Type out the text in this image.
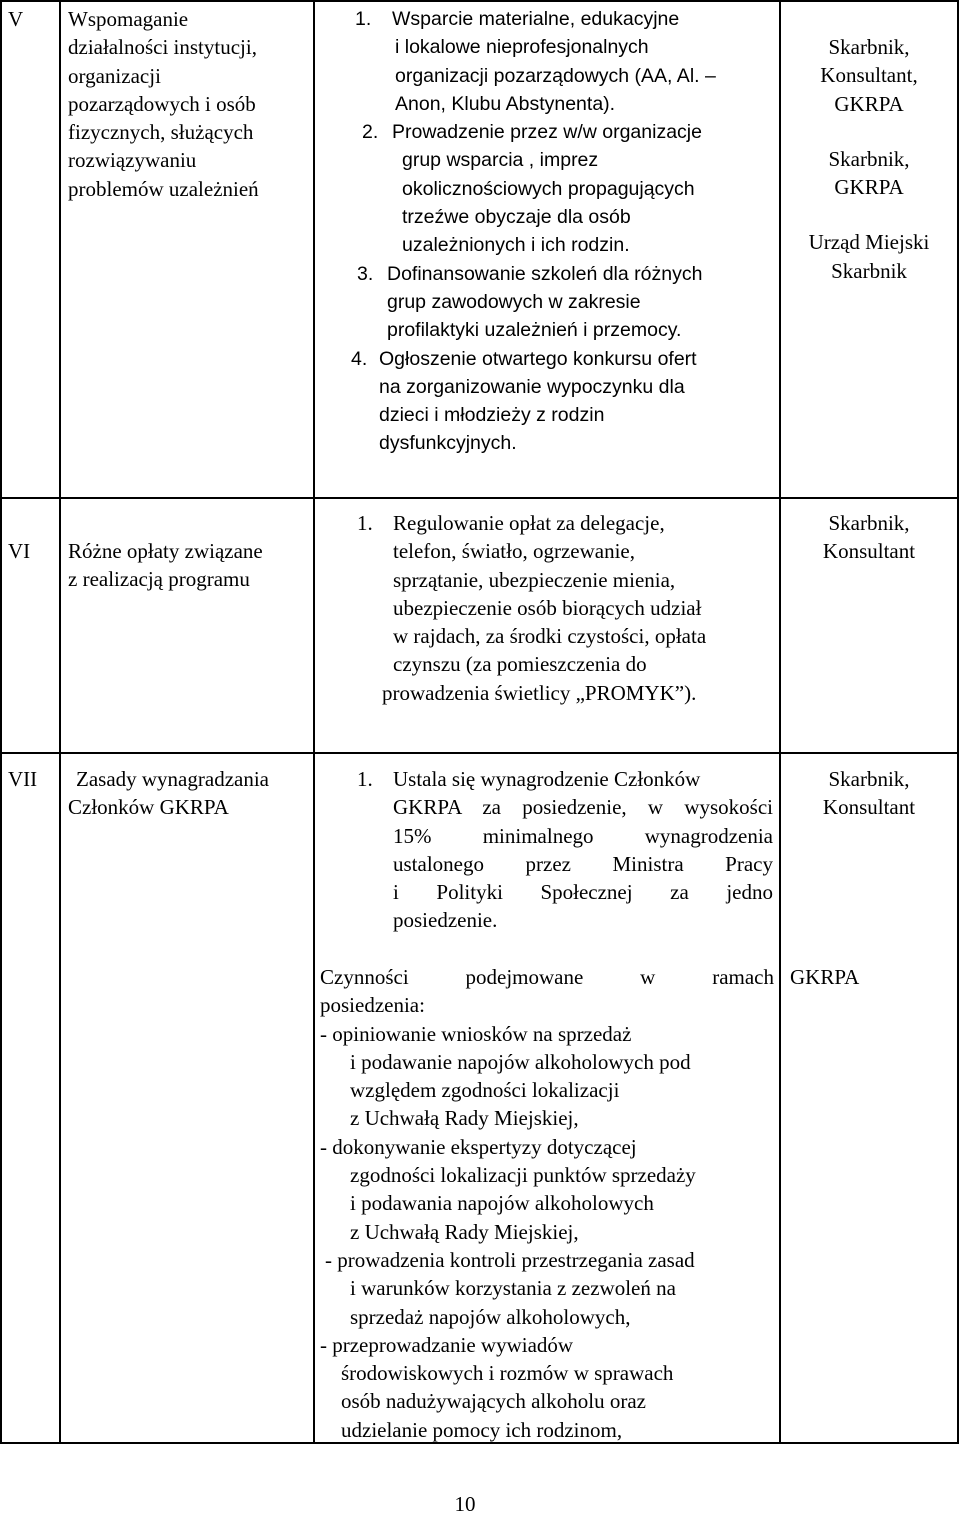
V Wspomaganie
działalności instytucji,
organizacji
pozarządowych i osób
fizycznych, służących
rozwiązywaniu
problemów uzależnień
1. Wsparcie materialne, edukacyjne
i lokalowe nieprofesjonalnych
organizacji pozarządowych (AA, Al. –
Anon, Klubu Abstynenta).
2. Prowadzenie przez w/w organizacje
grup wsparcia , imprez
okolicznościowych propagujących
trzeźwe obyczaje dla osób
uzależnionych i ich rodzin.
3. Dofinansowanie szkoleń dla różnych
grup zawodowych w zakresie
profilaktyki uzależnień i przemocy.
4. Ogłoszenie otwartego konkursu ofert
na zorganizowanie wypoczynku dla
dzieci i młodzieży z rodzin
dysfunkcyjnych.
Skarbnik,
Konsultant,
GKRPA
Skarbnik,
GKRPA
Urząd Miejski
Skarbnik
VI Różne opłaty związane
z realizacją programu
1. Regulowanie opłat za delegacje,
telefon, światło, ogrzewanie,
sprzątanie, ubezpieczenie mienia,
ubezpieczenie osób biorących udział
w rajdach, za środki czystości, opłata
czynszu (za pomieszczenia do
prowadzenia świetlicy „PROMYK”).
Skarbnik,
Konsultant
VII Zasady wynagradzania
Członków GKRPA
1. Ustala się wynagrodzenie Członków
GKRPA za posiedzenie, w wysokości
15% minimalnego wynagrodzenia
ustalonego przez Ministra Pracy
i Polityki Społecznej za jedno
posiedzenie.
Skarbnik,
Konsultant
Czynności podejmowane w ramach
posiedzenia:
- opiniowanie wniosków na sprzedaż
i podawanie napojów alkoholowych pod
względem zgodności lokalizacji
z Uchwałą Rady Miejskiej,
- dokonywanie ekspertyzy dotyczącej
zgodności lokalizacji punktów sprzedaży
i podawania napojów alkoholowych
z Uchwałą Rady Miejskiej,
- prowadzenia kontroli przestrzegania zasad
i warunków korzystania z zezwoleń na
sprzedaż napojów alkoholowych,
- przeprowadzanie wywiadów
środowiskowych i rozmów w sprawach
osób nadużywających alkoholu oraz
udzielanie pomocy ich rodzinom,
GKRPA
10
